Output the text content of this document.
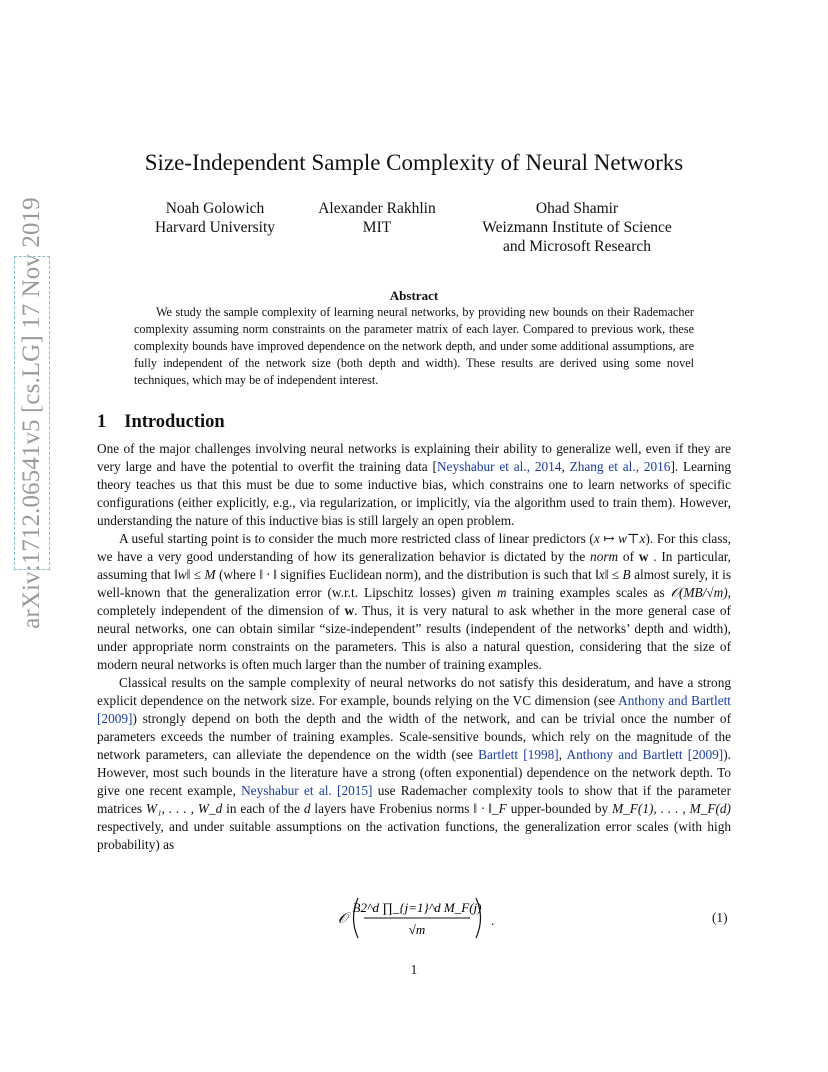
arXiv:1712.06541v5 [cs.LG] 17 Nov 2019
Size-Independent Sample Complexity of Neural Networks
Noah Golowich
Harvard University
Alexander Rakhlin
MIT
Ohad Shamir
Weizmann Institute of Science
and Microsoft Research
Abstract
We study the sample complexity of learning neural networks, by providing new bounds on their Rademacher complexity assuming norm constraints on the parameter matrix of each layer. Compared to previous work, these complexity bounds have improved dependence on the network depth, and under some additional assumptions, are fully independent of the network size (both depth and width). These results are derived using some novel techniques, which may be of independent interest.
1 Introduction

One of the major challenges involving neural networks is explaining their ability to generalize well, even if they are very large and have the potential to overfit the training data [Neyshabur et al., 2014, Zhang et al., 2016]. Learning theory teaches us that this must be due to some inductive bias, which constrains one to learn networks of specific configurations (either explicitly, e.g., via regularization, or implicitly, via the algorithm used to train them). However, understanding the nature of this inductive bias is still largely an open problem.

A useful starting point is to consider the much more restricted class of linear predictors (x ↦ w⊤x). For this class, we have a very good understanding of how its generalization behavior is dictated by the norm of w . In particular, assuming that ‖w‖ ≤ M (where ‖ · ‖ signifies Euclidean norm), and the distribution is such that ‖x‖ ≤ B almost surely, it is well-known that the generalization error (w.r.t. Lipschitz losses) given m training examples scales as 𝒪(MB/√m), completely independent of the dimension of w. Thus, it is very natural to ask whether in the more general case of neural networks, one can obtain similar “size-independent” results (independent of the networks’ depth and width), under appropriate norm constraints on the parameters. This is also a natural question, considering that the size of modern neural networks is often much larger than the number of training examples.

Classical results on the sample complexity of neural networks do not satisfy this desideratum, and have a strong explicit dependence on the network size. For example, bounds relying on the VC dimension (see Anthony and Bartlett [2009]) strongly depend on both the depth and the width of the network, and can be trivial once the number of parameters exceeds the number of training examples. Scale-sensitive bounds, which rely on the magnitude of the network parameters, can alleviate the dependence on the width (see Bartlett [1998], Anthony and Bartlett [2009]). However, most such bounds in the literature have a strong (often exponential) dependence on the network depth. To give one recent example, Neyshabur et al. [2015] use Rademacher complexity tools to show that if the parameter matrices W₁, . . . , W_d in each of the d layers have Frobenius norms ‖ · ‖_F upper-bounded by M_F(1), . . . , M_F(d) respectively, and under suitable assumptions on the activation functions, the generalization error scales (with high probability) as

𝒪
B2^d ∏_{j=1}^d M_F(j)
√m
.	(1)
1
